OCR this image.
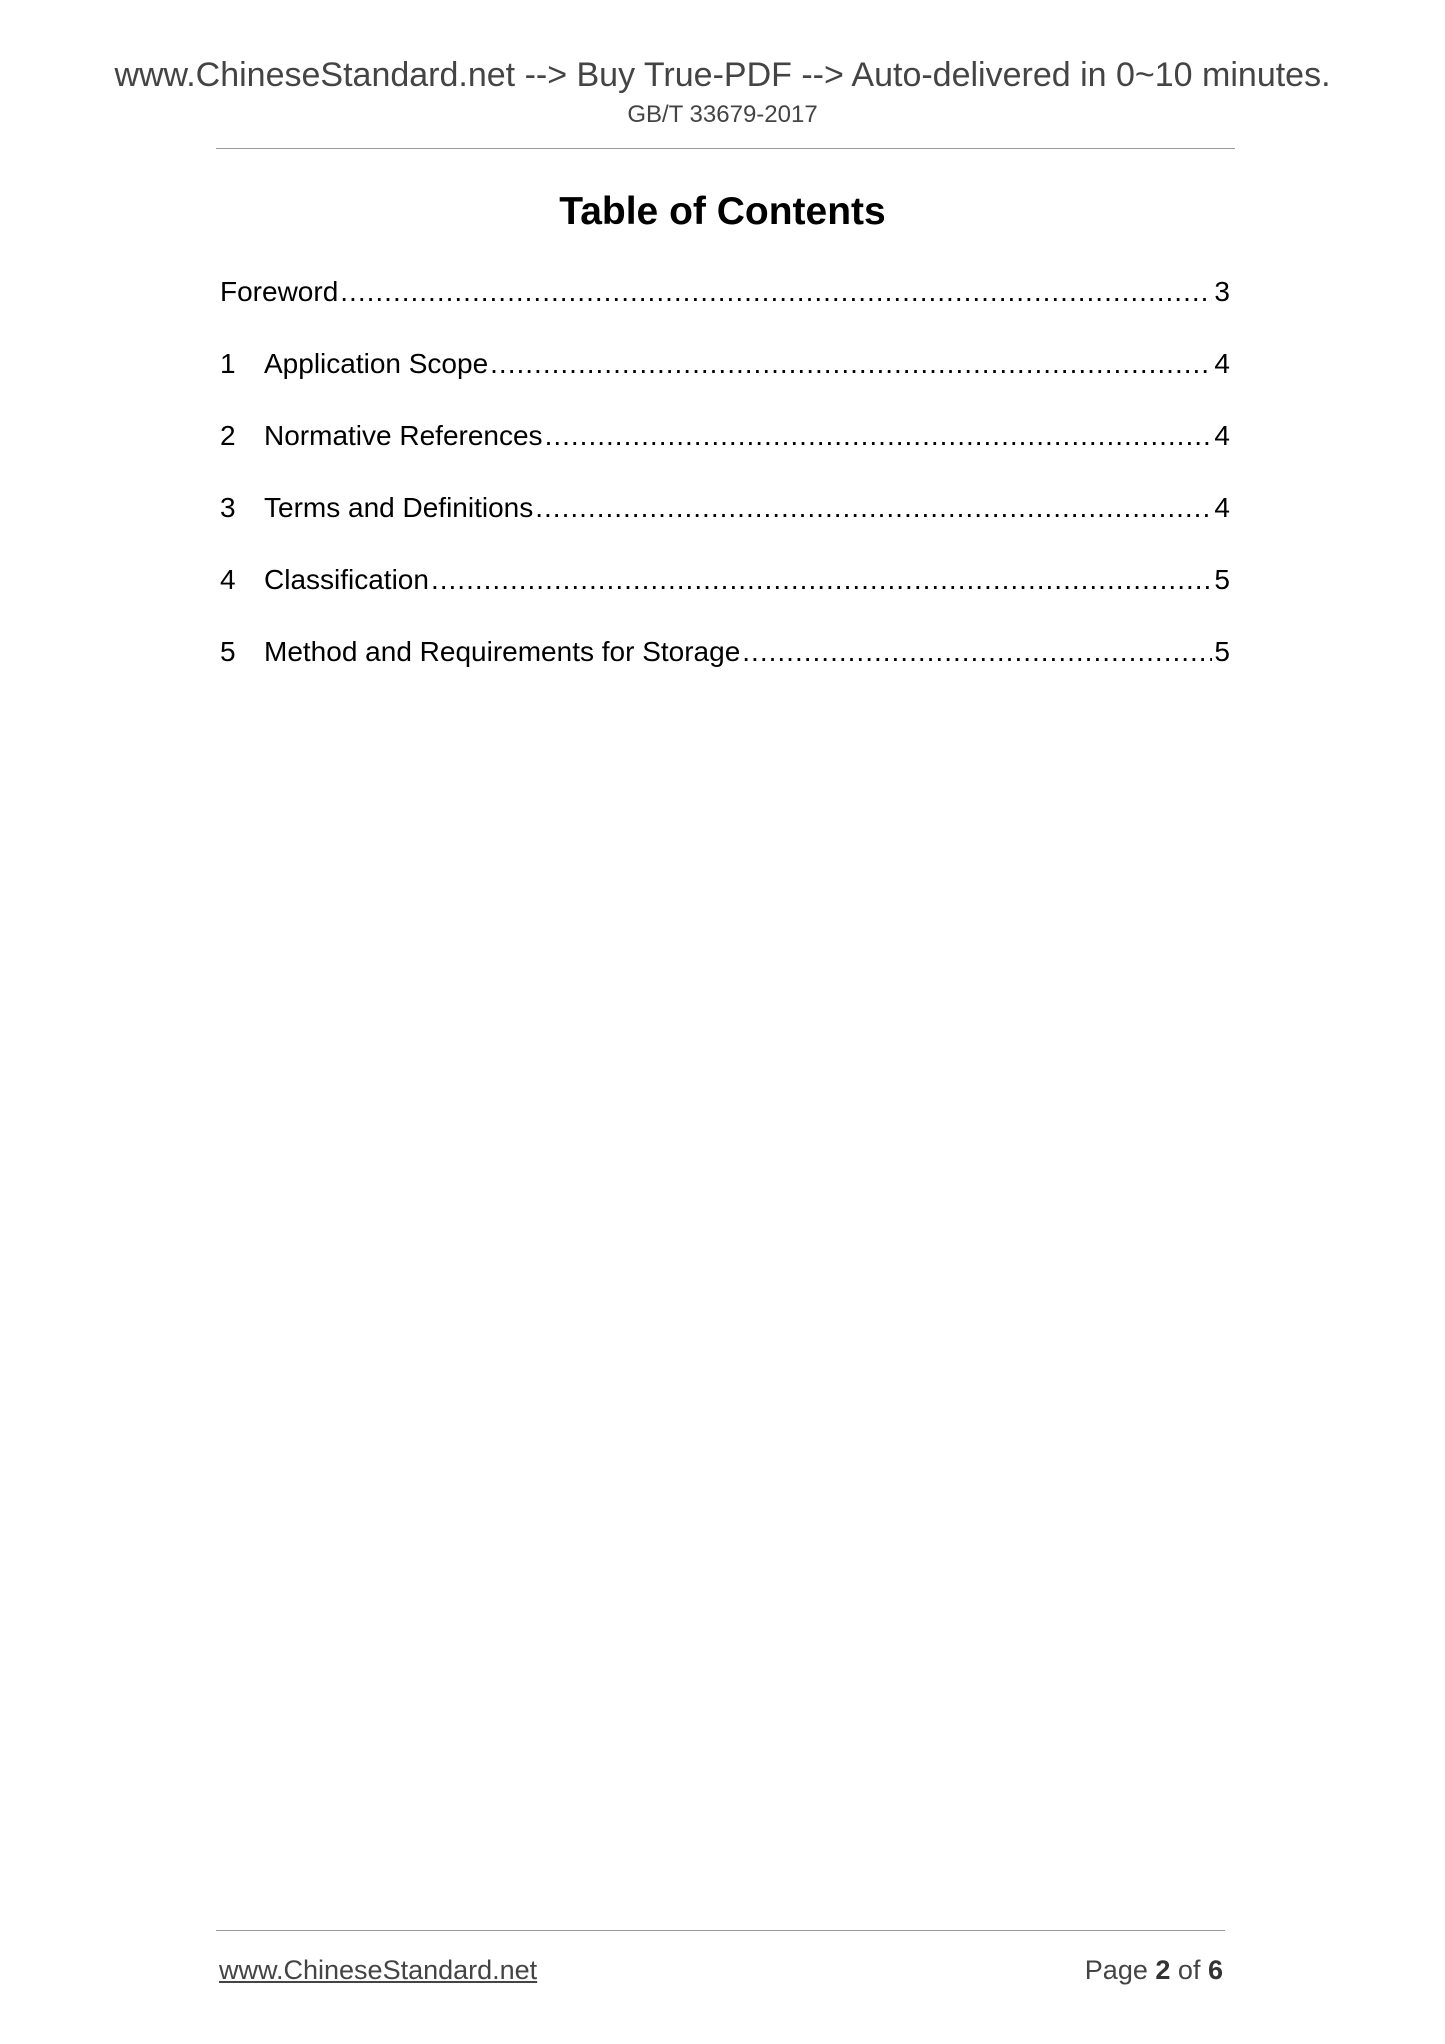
www.ChineseStandard.net --> Buy True-PDF --> Auto-delivered in 0~10 minutes.
GB/T 33679-2017
Table of Contents
Foreword .....	3
1	Application Scope .....	4
2	Normative References .....	4
3	Terms and Definitions .....	4
4	Classification .....	5
5	Method and Requirements for Storage .....	5
www.ChineseStandard.net	Page 2 of 6
